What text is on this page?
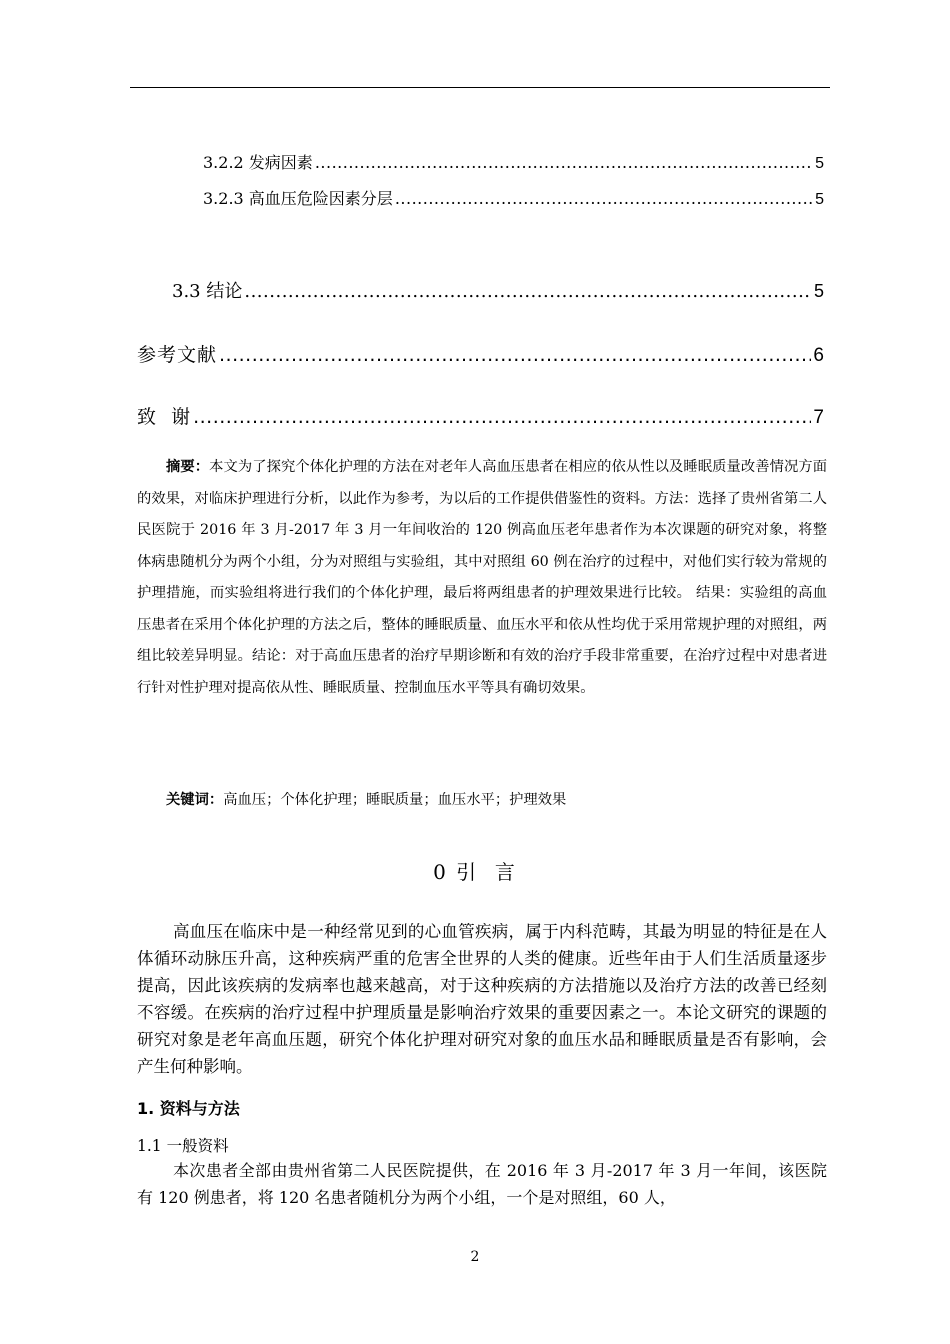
3.2.2 发病因素 .....	5
3.2.3 高血压危险因素分层 .....	5
3.3 结论 .....	5
参考文献 .....	6
致  谢 .....	7
摘要：本文为了探究个体化护理的方法在对老年人高血压患者在相应的依从性以及睡眠质量改善情况方面的效果，对临床护理进行分析，以此作为参考，为以后的工作提供借鉴性的资料。方法：选择了贵州省第二人民医院于 2016 年 3 月-2017 年 3 月一年间收治的 120 例高血压老年患者作为本次课题的研究对象，将整体病患随机分为两个小组，分为对照组与实验组，其中对照组 60 例在治疗的过程中，对他们实行较为常规的护理措施，而实验组将进行我们的个体化护理，最后将两组患者的护理效果进行比较。 结果：实验组的高血压患者在采用个体化护理的方法之后，整体的睡眠质量、血压水平和依从性均优于采用常规护理的对照组，两组比较差异明显。结论：对于高血压患者的治疗早期诊断和有效的治疗手段非常重要，在治疗过程中对患者进行针对性护理对提高依从性、睡眠质量、控制血压水平等具有确切效果。
关键词：高血压；个体化护理；睡眠质量；血压水平；护理效果
0 引  言
高血压在临床中是一种经常见到的心血管疾病，属于内科范畴，其最为明显的特征是在人体循环动脉压升高，这种疾病严重的危害全世界的人类的健康。近些年由于人们生活质量逐步提高，因此该疾病的发病率也越来越高，对于这种疾病的方法措施以及治疗方法的改善已经刻不容缓。在疾病的治疗过程中护理质量是影响治疗效果的重要因素之一。本论文研究的课题的研究对象是老年高血压题，研究个体化护理对研究对象的血压水品和睡眠质量是否有影响，会产生何种影响。
1. 资料与方法
1.1 一般资料
本次患者全部由贵州省第二人民医院提供，在 2016 年 3 月-2017 年 3 月一年间，该医院有 120 例患者，将 120 名患者随机分为两个小组，一个是对照组，60 人，
2
